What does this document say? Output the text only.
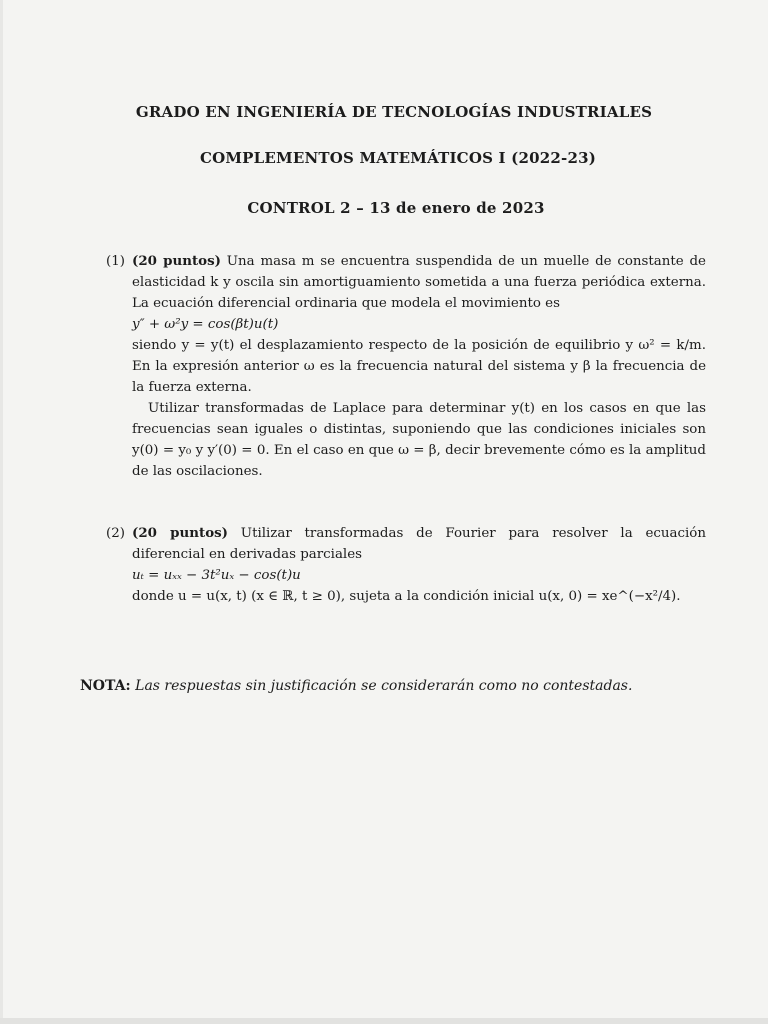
GRADO EN INGENIERÍA DE TECNOLOGÍAS INDUSTRIALES
COMPLEMENTOS MATEMÁTICOS I (2022-23)
CONTROL 2 – 13 de enero de 2023
(1) (20 puntos) Una masa m se encuentra suspendida de un muelle de constante de elasticidad k y oscila sin amortiguamiento sometida a una fuerza periódica externa. La ecuación diferencial ordinaria que modela el movimiento es

y″ + ω²y = cos(βt)u(t)

siendo y = y(t) el desplazamiento respecto de la posición de equilibrio y ω² = k/m. En la expresión anterior ω es la frecuencia natural del sistema y β la frecuencia de la fuerza externa.

Utilizar transformadas de Laplace para determinar y(t) en los casos en que las frecuencias sean iguales o distintas, suponiendo que las condiciones iniciales son y(0) = y₀ y y′(0) = 0. En el caso en que ω = β, decir brevemente cómo es la amplitud de las oscilaciones.

(2) (20 puntos) Utilizar transformadas de Fourier para resolver la ecuación diferencial en derivadas parciales

uₜ = uₓₓ − 3t²uₓ − cos(t)u

donde u = u(x, t) (x ∈ ℝ, t ≥ 0), sujeta a la condición inicial u(x, 0) = xe^(−x²/4).

NOTA: Las respuestas sin justificación se considerarán como no contestadas.
